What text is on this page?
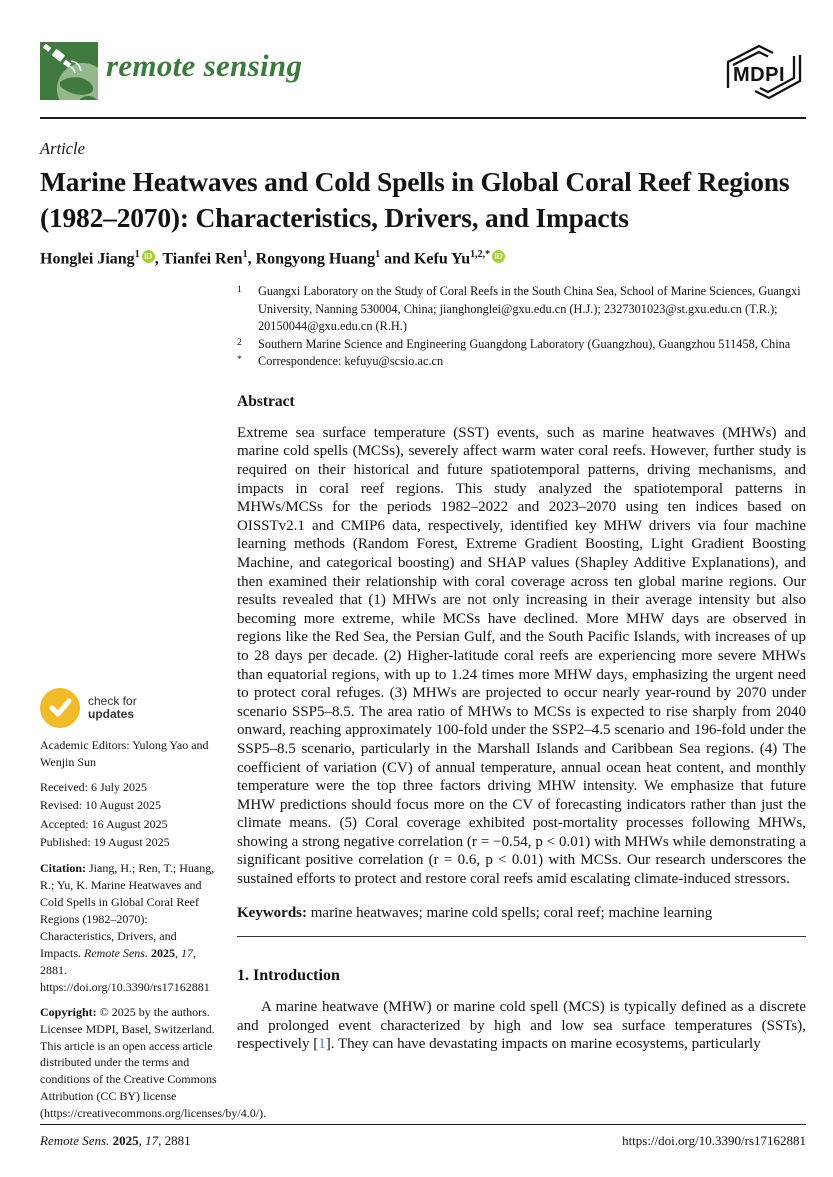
remote sensing	MDPI
Article
Marine Heatwaves and Cold Spells in Global Coral Reef Regions (1982–2070): Characteristics, Drivers, and Impacts
Honglei Jiang$^1$ iD , Tianfei Ren$^1$, Rongyong Huang$^1$ and Kefu $Yu^{1,2,*}$ iD
1	Guangxi Laboratory on the Study of Coral Reefs in the South China Sea, School of Marine Sciences, Guangxi University, Nanning 530004, China; jianghonglei@gxu.edu.cn (H.J.); 2327301023@st.gxu.edu.cn (T.R.); 20150044@gxu.edu.cn (R.H.)
2	Southern Marine Science and Engineering Guangdong Laboratory (Guangzhou), Guangzhou 511458, China
*	Correspondence: kefuyu@scsio.ac.cn
Abstract
Extreme sea surface temperature (SST) events, such as marine heatwaves (MHWs) and marine cold spells (MCSs), severely affect warm water coral reefs. However, further study is required on their historical and future spatiotemporal patterns, driving mechanisms, and impacts in coral reef regions. This study analyzed the spatiotemporal patterns in MHWs/MCSs for the periods 1982–2022 and 2023–2070 using ten indices based on OISSTv2.1 and CMIP6 data, respectively, identified key MHW drivers via four machine learning methods (Random Forest, Extreme Gradient Boosting, Light Gradient Boosting Machine, and categorical boosting) and SHAP values (Shapley Additive Explanations), and then examined their relationship with coral coverage across ten global marine regions. Our results revealed that (1) MHWs are not only increasing in their average intensity but also becoming more extreme, while MCSs have declined. More MHW days are observed in regions like the Red Sea, the Persian Gulf, and the South Pacific Islands, with increases of up to 28 days per decade. (2) Higher-latitude coral reefs are experiencing more severe MHWs than equatorial regions, with up to 1.24 times more MHW days, emphasizing the urgent need to protect coral refuges. (3) MHWs are projected to occur nearly year-round by 2070 under scenario SSP5–8.5. The area ratio of MHWs to MCSs is expected to rise sharply from 2040 onward, reaching approximately 100-fold under the SSP2–4.5 scenario and 196-fold under the SSP5–8.5 scenario, particularly in the Marshall Islands and Caribbean Sea regions. (4) The coefficient of variation (CV) of annual temperature, annual ocean heat content, and monthly temperature were the top three factors driving MHW intensity. We emphasize that future MHW predictions should focus more on the CV of forecasting indicators rather than just the climate means. (5) Coral coverage exhibited post-mortality processes following MHWs, showing a strong negative correlation (r = −0.54, p < 0.01) with MHWs while demonstrating a significant positive correlation (r = 0.6, p < 0.01) with MCSs. Our research underscores the sustained efforts to protect and restore coral reefs amid escalating climate-induced stressors.
Keywords: marine heatwaves; marine cold spells; coral reef; machine learning
1. Introduction
A marine heatwave (MHW) or marine cold spell (MCS) is typically defined as a discrete and prolonged event characterized by high and low sea surface temperatures (SSTs), respectively [1]. They can have devastating impacts on marine ecosystems, particularly
check for
updates
Academic Editors: Yulong Yao and Wenjin Sun
Received: 6 July 2025
Revised: 10 August 2025
Accepted: 16 August 2025
Published: 19 August 2025
Citation: Jiang, H.; Ren, T.; Huang, R.; Yu, K. Marine Heatwaves and Cold Spells in Global Coral Reef Regions (1982–2070): Characteristics, Drivers, and Impacts. Remote Sens. 2025, 17, 2881. https://doi.org/10.3390/rs17162881
Copyright: © 2025 by the authors. Licensee MDPI, Basel, Switzerland. This article is an open access article distributed under the terms and conditions of the Creative Commons Attribution (CC BY) license (https://creativecommons.org/licenses/by/4.0/).
Remote Sens. 2025, 17, 2881	https://doi.org/10.3390/rs17162881
